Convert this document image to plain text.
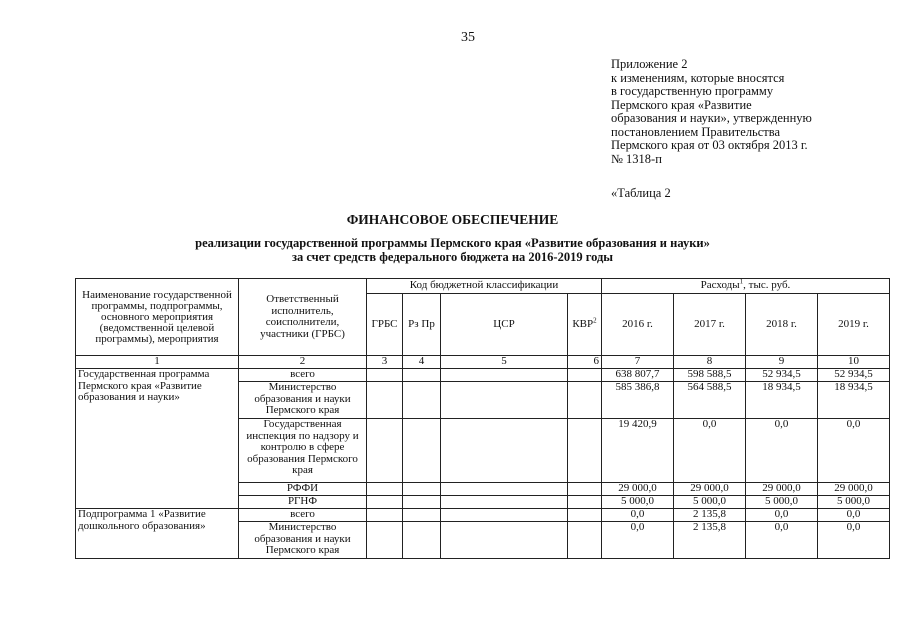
35
Приложение 2
к изменениям, которые вносятся
в государственную программу
Пермского края «Развитие
образования и науки», утвержденную
постановлением Правительства
Пермского края от 03 октября 2013 г.
№ 1318-п
«Таблица 2
ФИНАНСОВОЕ ОБЕСПЕЧЕНИЕ
реализации государственной программы Пермского края «Развитие образования и науки»
за счет средств федерального бюджета на 2016-2019 годы
Наименование государственной программы, подпрограммы, основного мероприятия (ведомственной целевой программы), мероприятия	Ответственный исполнитель, соисполнители, участники (ГРБС)	Код бюджетной классификации				Расходы$^1$, тыс. руб.			
		ГРБС	Рз Пр	ЦСР	КВР$^2$	2016 г.	2017 г.	2018 г.	2019 г.
1	2	3	4	5	6	7	8	9	10
Государственная программа Пермского края «Развитие образования и науки»	всего					638 807,7	598 588,5	52 934,5	52 934,5
	Министерство образования и науки Пермского края					585 386,8	564 588,5	18 934,5	18 934,5
	Государственная инспекция по надзору и контролю в сфере образования Пермского края					19 420,9	0,0	0,0	0,0
	РФФИ					29 000,0	29 000,0	29 000,0	29 000,0
	РГНФ					5 000,0	5 000,0	5 000,0	5 000,0
Подпрограмма 1 «Развитие дошкольного образования»	всего					0,0	2 135,8	0,0	0,0
	Министерство образования и науки Пермского края					0,0	2 135,8	0,0	0,0
